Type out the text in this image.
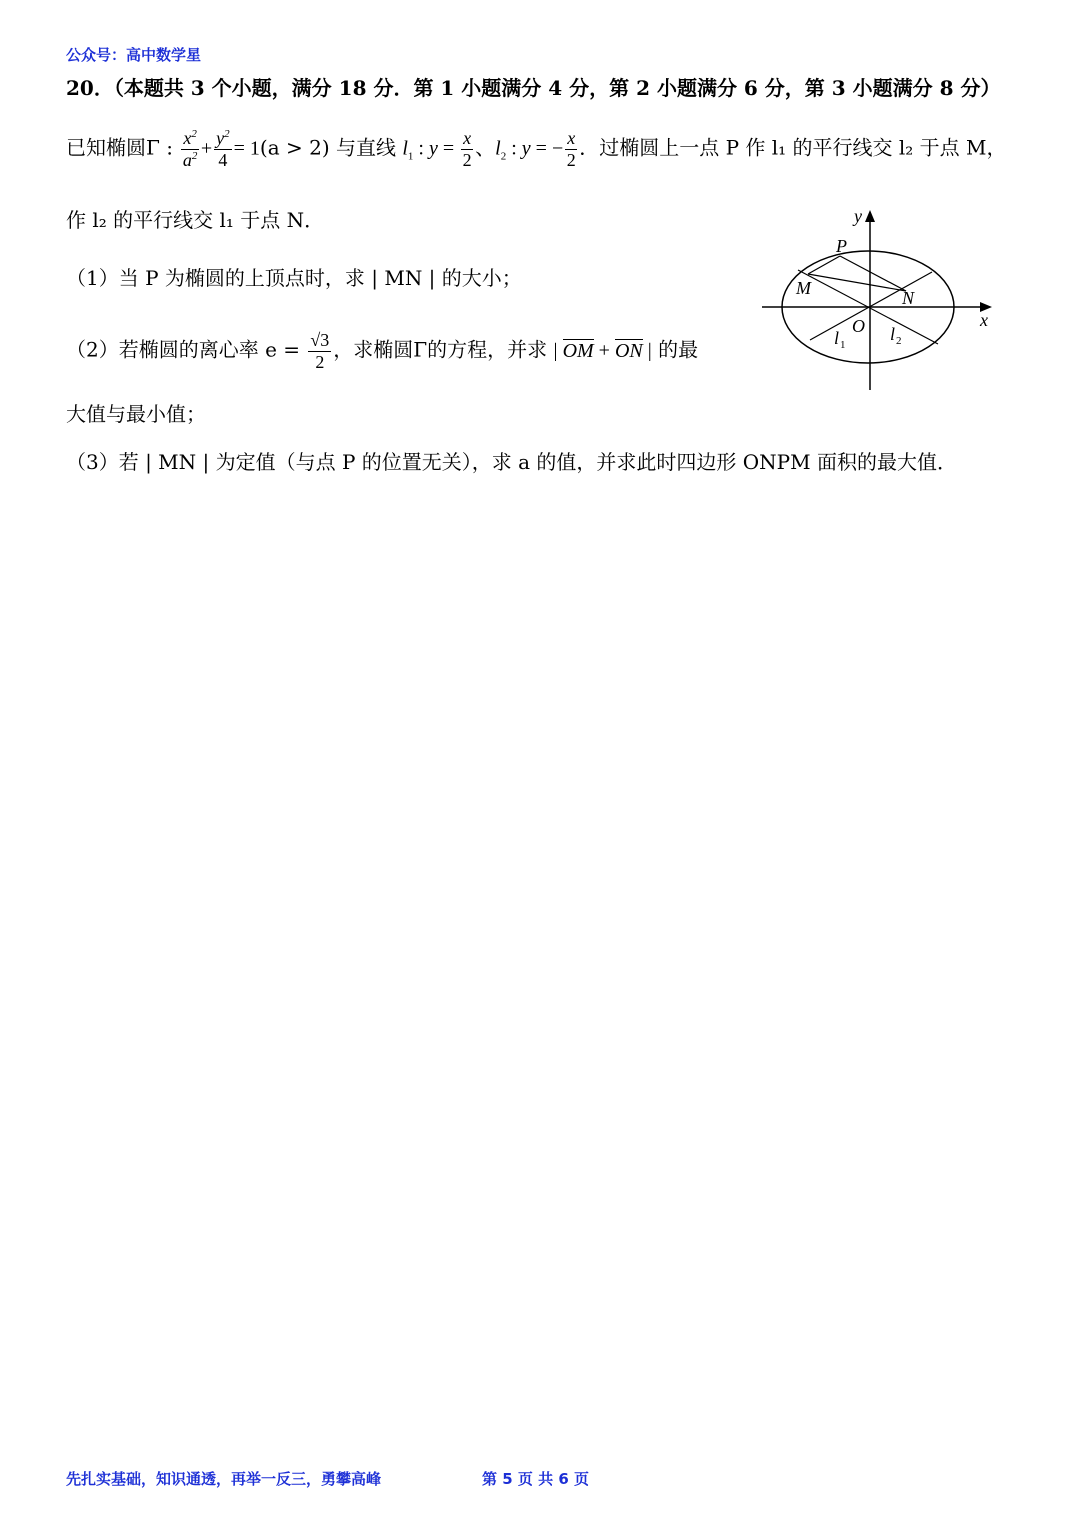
公众号：高中数学星
20．（本题共 3 个小题，满分 18 分．第 1 小题满分 4 分，第 2 小题满分 6 分，第 3 小题满分 8 分）
已知椭圆Γ : $\frac{x^2}{a^2} + \frac{y^2}{4} = 1(a > 2)$ 与直线 $l_1$ : $y = \frac{x}{2}$ 、$l_2$ : y = − $\frac{x}{2}$ ．过椭圆上一点 P 作 l₁ 的平行线交 l₂ 于点 M，
作 l₂ 的平行线交 l₁ 于点 N．
（1）当 P 为椭圆的上顶点时，求 | MN | 的大小；
（2）若椭圆的离心率 $e = \frac{√3}{2}$ ，求椭圆Γ的方程，并求 | OM + ON | 的最
大值与最小值；
（3）若 | MN | 为定值（与点 P 的位置无关），求 a 的值，并求此时四边形 ONPM 面积的最大值．
y
x
P
M	N
O
l 1
l 2
先扎实基础，知识通透，再举一反三，勇攀高峰	第 5 页 共 6 页
